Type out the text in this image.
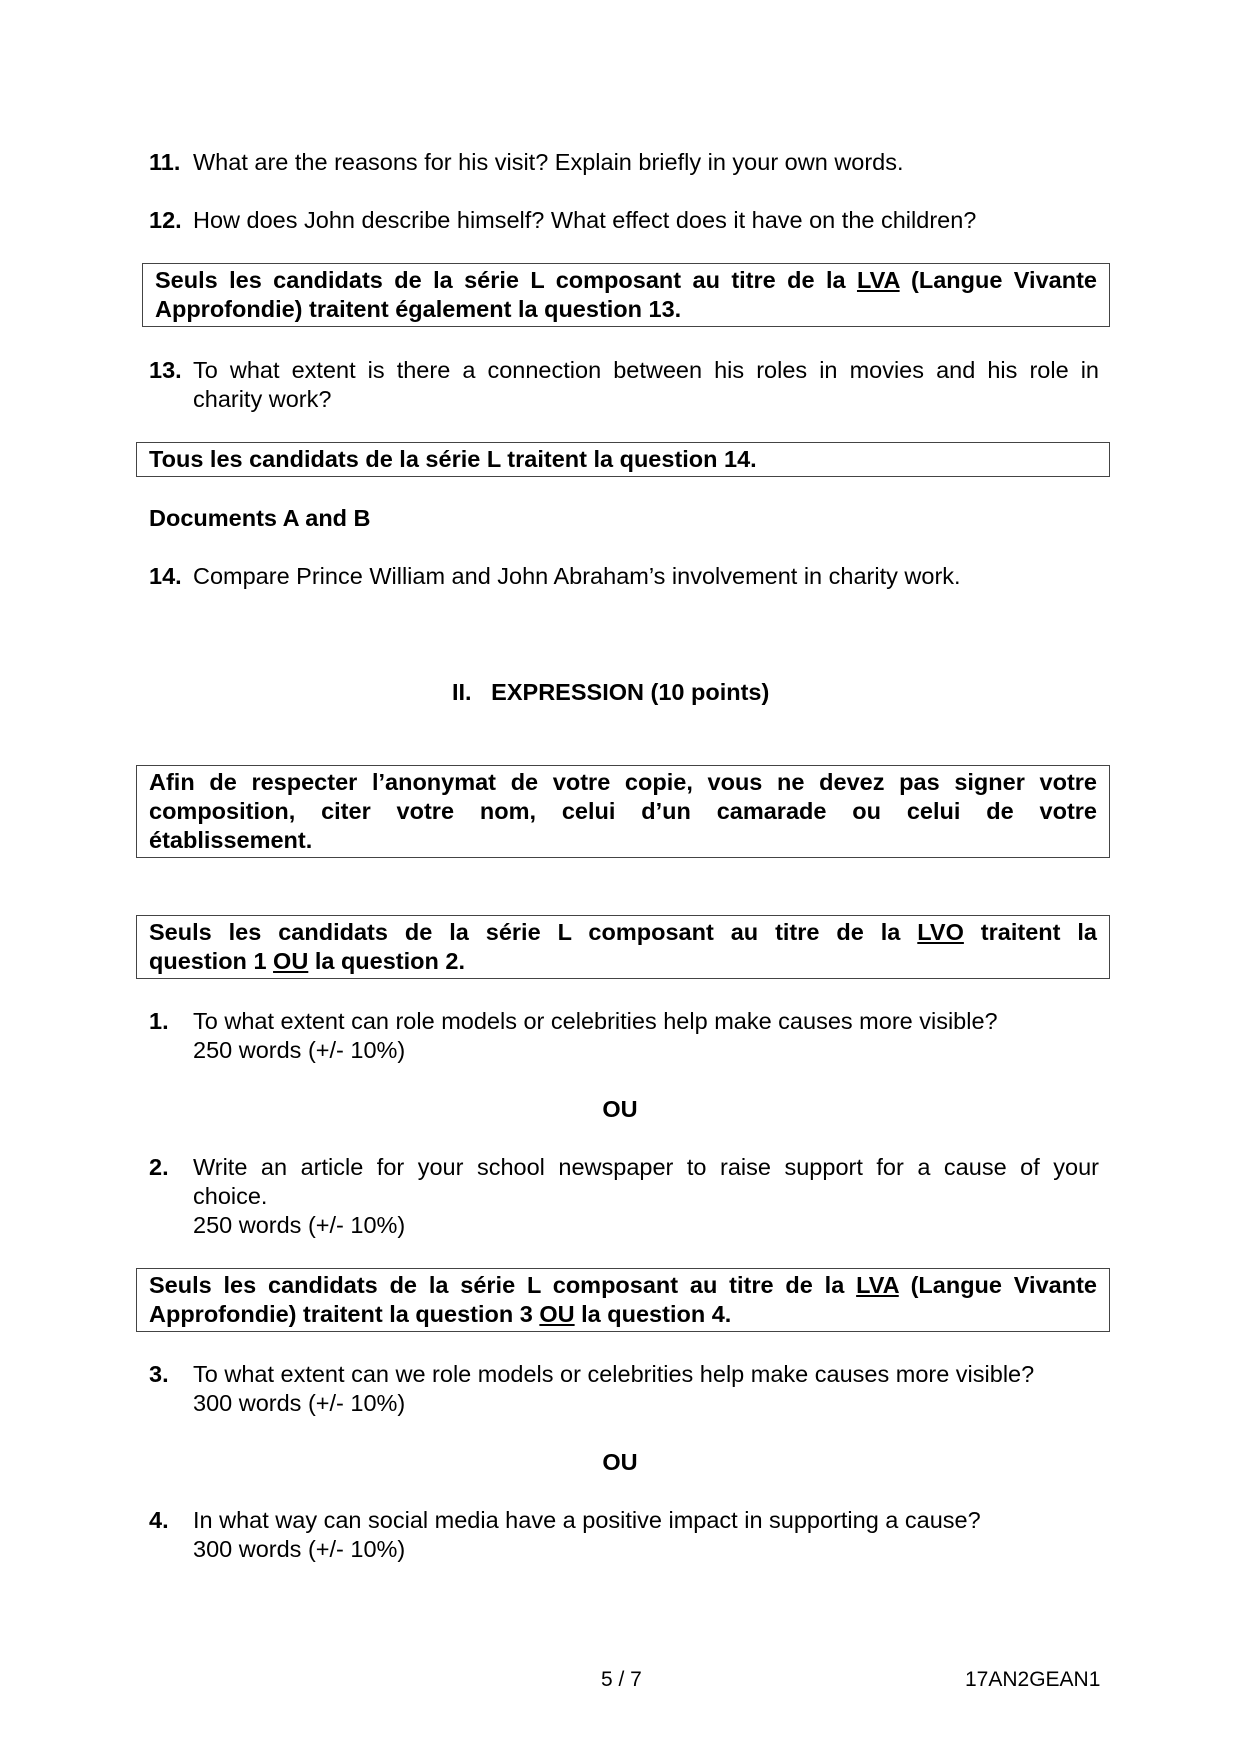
11. What are the reasons for his visit? Explain briefly in your own words.
12. How does John describe himself? What effect does it have on the children?
Seuls les candidats de la série L composant au titre de la LVA (Langue Vivante
Approfondie) traitent également la question 13.
13. To what extent is there a connection between his roles in movies and his role in
charity work?
Tous les candidats de la série L traitent la question 14.
Documents A and B
14. Compare Prince William and John Abraham’s involvement in charity work.
II.   EXPRESSION (10 points)
Afin de respecter l’anonymat de votre copie, vous ne devez pas signer votre
composition, citer votre nom, celui d’un camarade ou celui de votre
établissement.
Seuls les candidats de la série L composant au titre de la LVO traitent la
question 1 OU la question 2.
1. To what extent can role models or celebrities help make causes more visible?
250 words (+/- 10%)
OU
2. Write an article for your school newspaper to raise support for a cause of your
choice.
250 words (+/- 10%)
Seuls les candidats de la série L composant au titre de la LVA (Langue Vivante
Approfondie) traitent la question 3 OU la question 4.
3. To what extent can we role models or celebrities help make causes more visible?
300 words (+/- 10%)
OU
4. In what way can social media have a positive impact in supporting a cause?
300 words (+/- 10%)
5 / 7	17AN2GEAN1
